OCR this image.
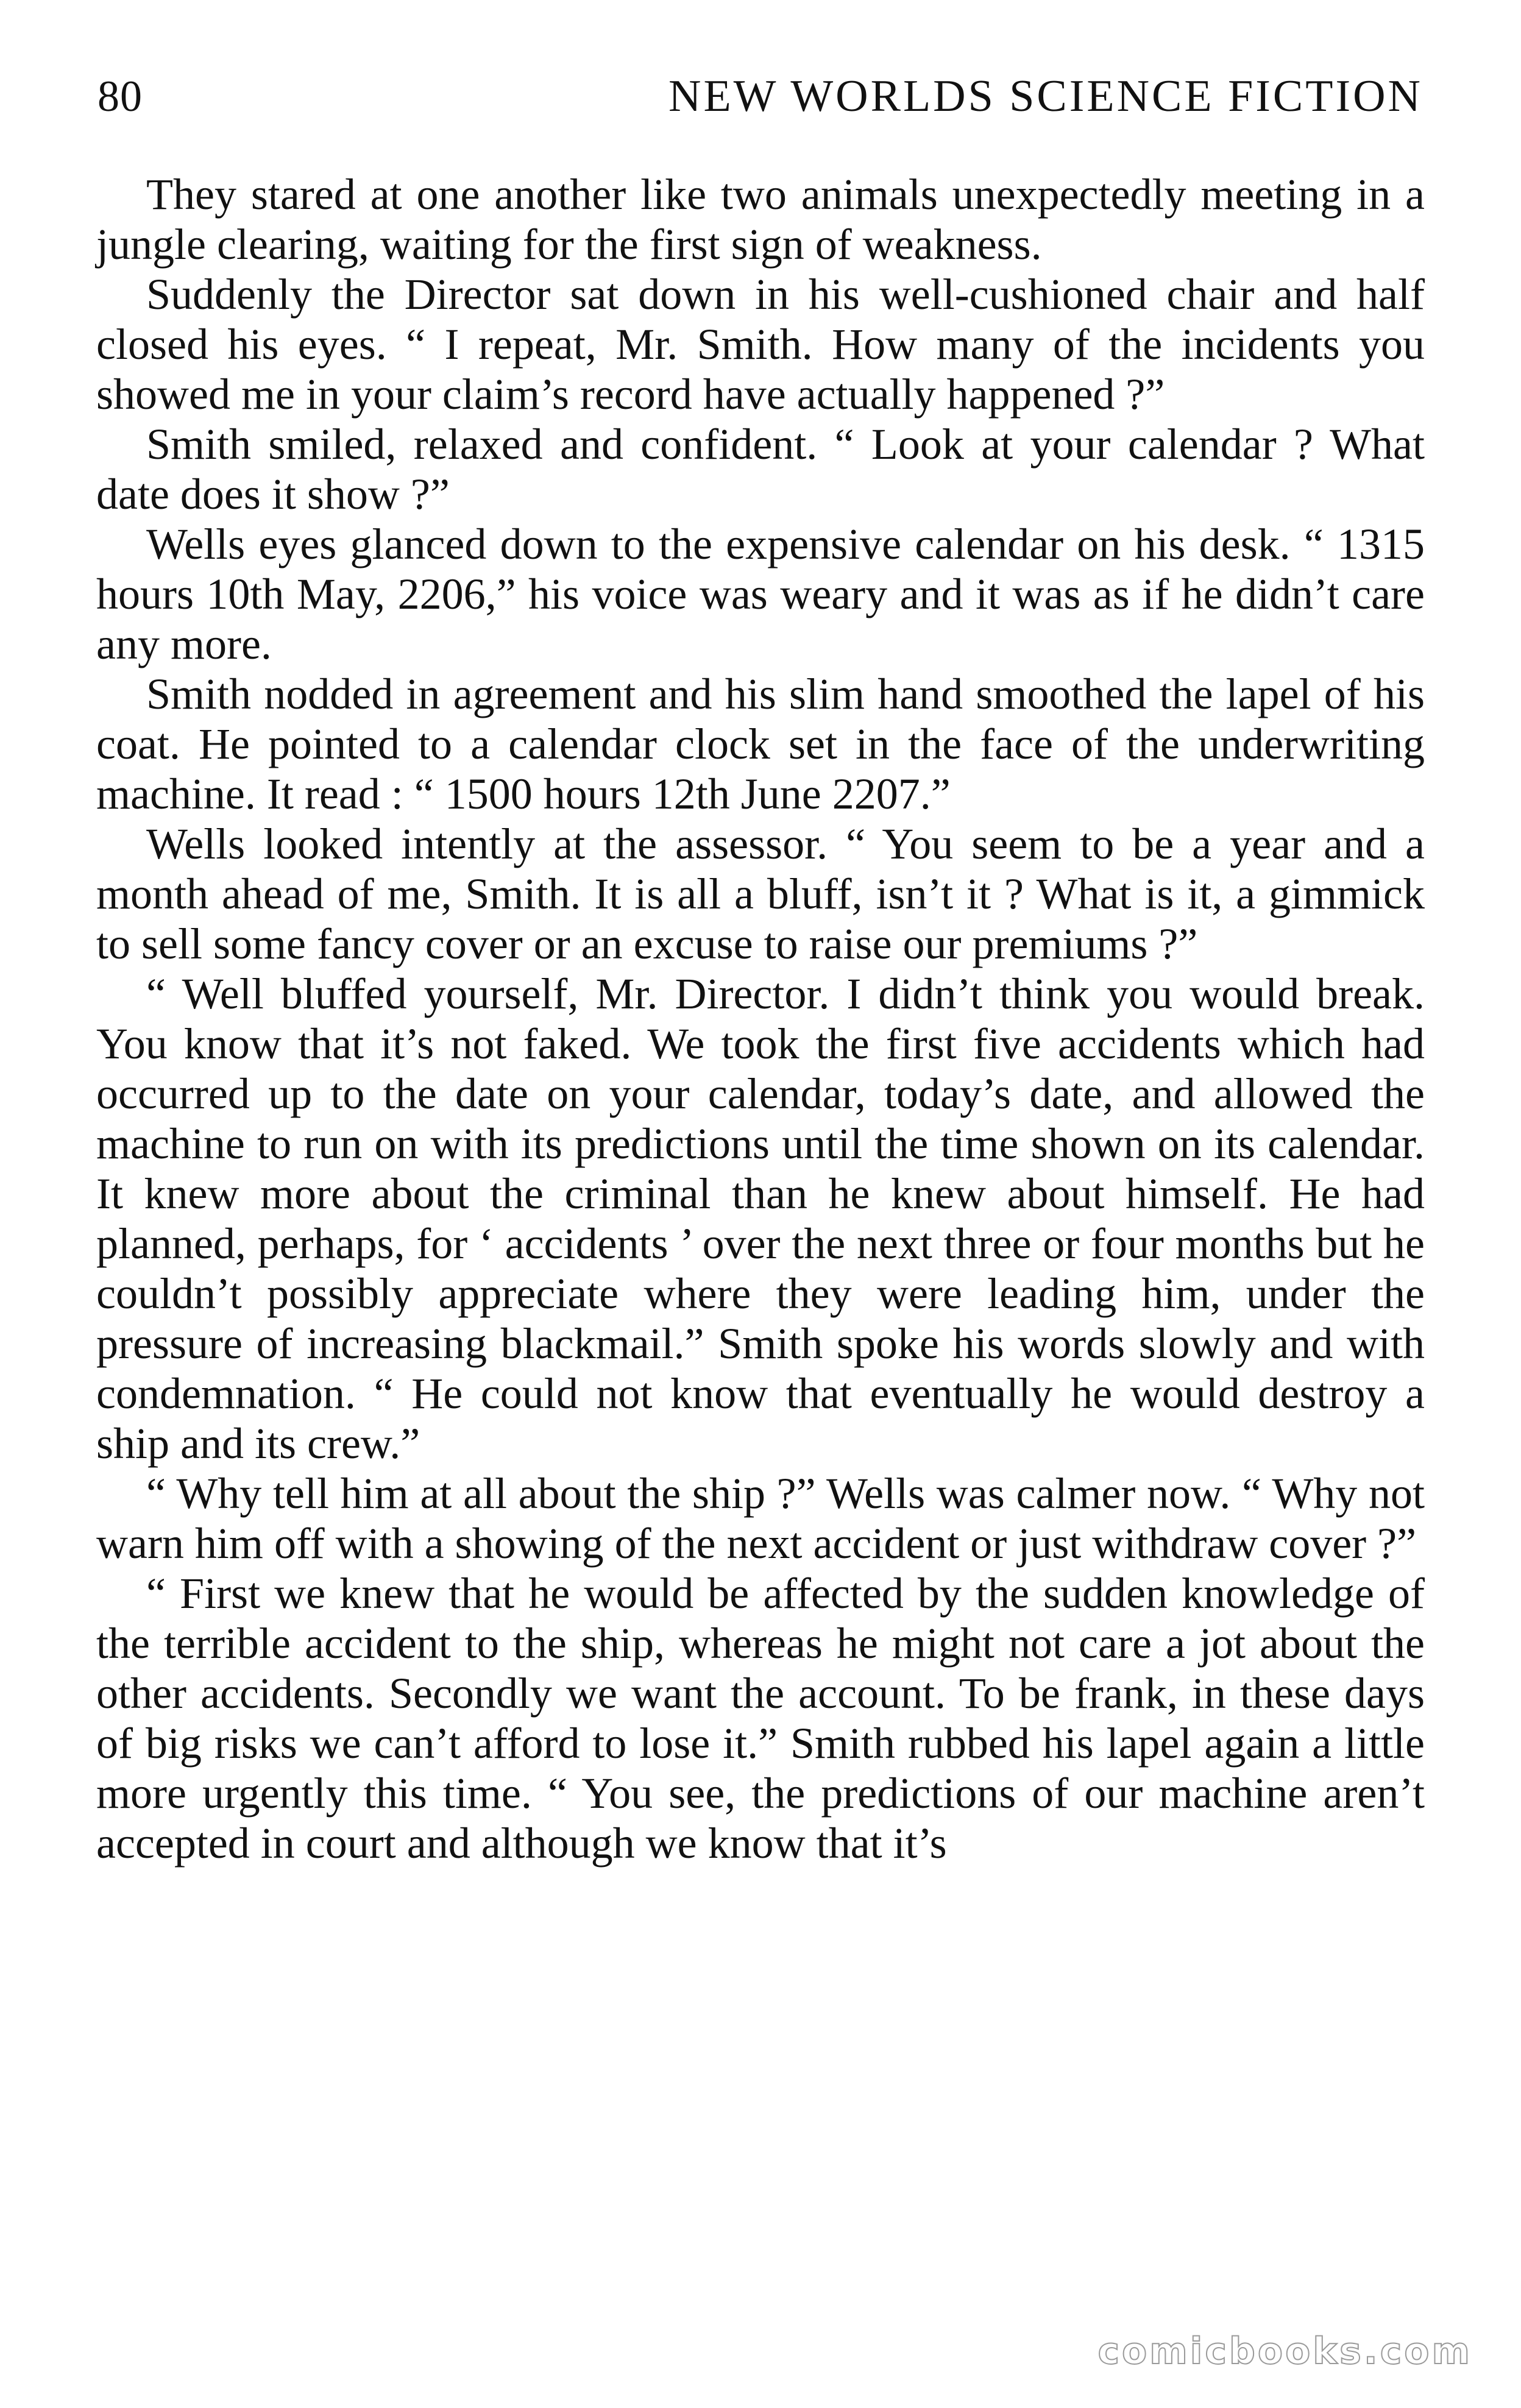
80	NEW WORLDS SCIENCE FICTION

They stared at one another like two animals unexpectedly meeting in a jungle clearing, waiting for the first sign of weakness.

Suddenly the Director sat down in his well-cushioned chair and half closed his eyes. “ I repeat, Mr. Smith. How many of the incidents you showed me in your claim’s record have actually happened ?”

Smith smiled, relaxed and confident. “ Look at your calendar ? What date does it show ?”

Wells eyes glanced down to the expensive calendar on his desk. “ 1315 hours 10th May, 2206,” his voice was weary and it was as if he didn’t care any more.

Smith nodded in agreement and his slim hand smoothed the lapel of his coat. He pointed to a calendar clock set in the face of the underwriting machine. It read : “ 1500 hours 12th June 2207.”

Wells looked intently at the assessor. “ You seem to be a year and a month ahead of me, Smith. It is all a bluff, isn’t it ? What is it, a gimmick to sell some fancy cover or an excuse to raise our premiums ?”

“ Well bluffed yourself, Mr. Director. I didn’t think you would break. You know that it’s not faked. We took the first five accidents which had occurred up to the date on your calendar, today’s date, and allowed the machine to run on with its predictions until the time shown on its calendar. It knew more about the criminal than he knew about himself. He had planned, perhaps, for ‘ accidents ’ over the next three or four months but he couldn’t possibly appreciate where they were leading him, under the pressure of increasing blackmail.” Smith spoke his words slowly and with condemnation. “ He could not know that eventually he would destroy a ship and its crew.”

“ Why tell him at all about the ship ?” Wells was calmer now. “ Why not warn him off with a showing of the next accident or just withdraw cover ?”

“ First we knew that he would be affected by the sudden knowledge of the terrible accident to the ship, whereas he might not care a jot about the other accidents. Secondly we want the account. To be frank, in these days of big risks we can’t afford to lose it.” Smith rubbed his lapel again a little more urgently this time. “ You see, the predictions of our machine aren’t accepted in court and although we know that it’s

comicbooks.com
